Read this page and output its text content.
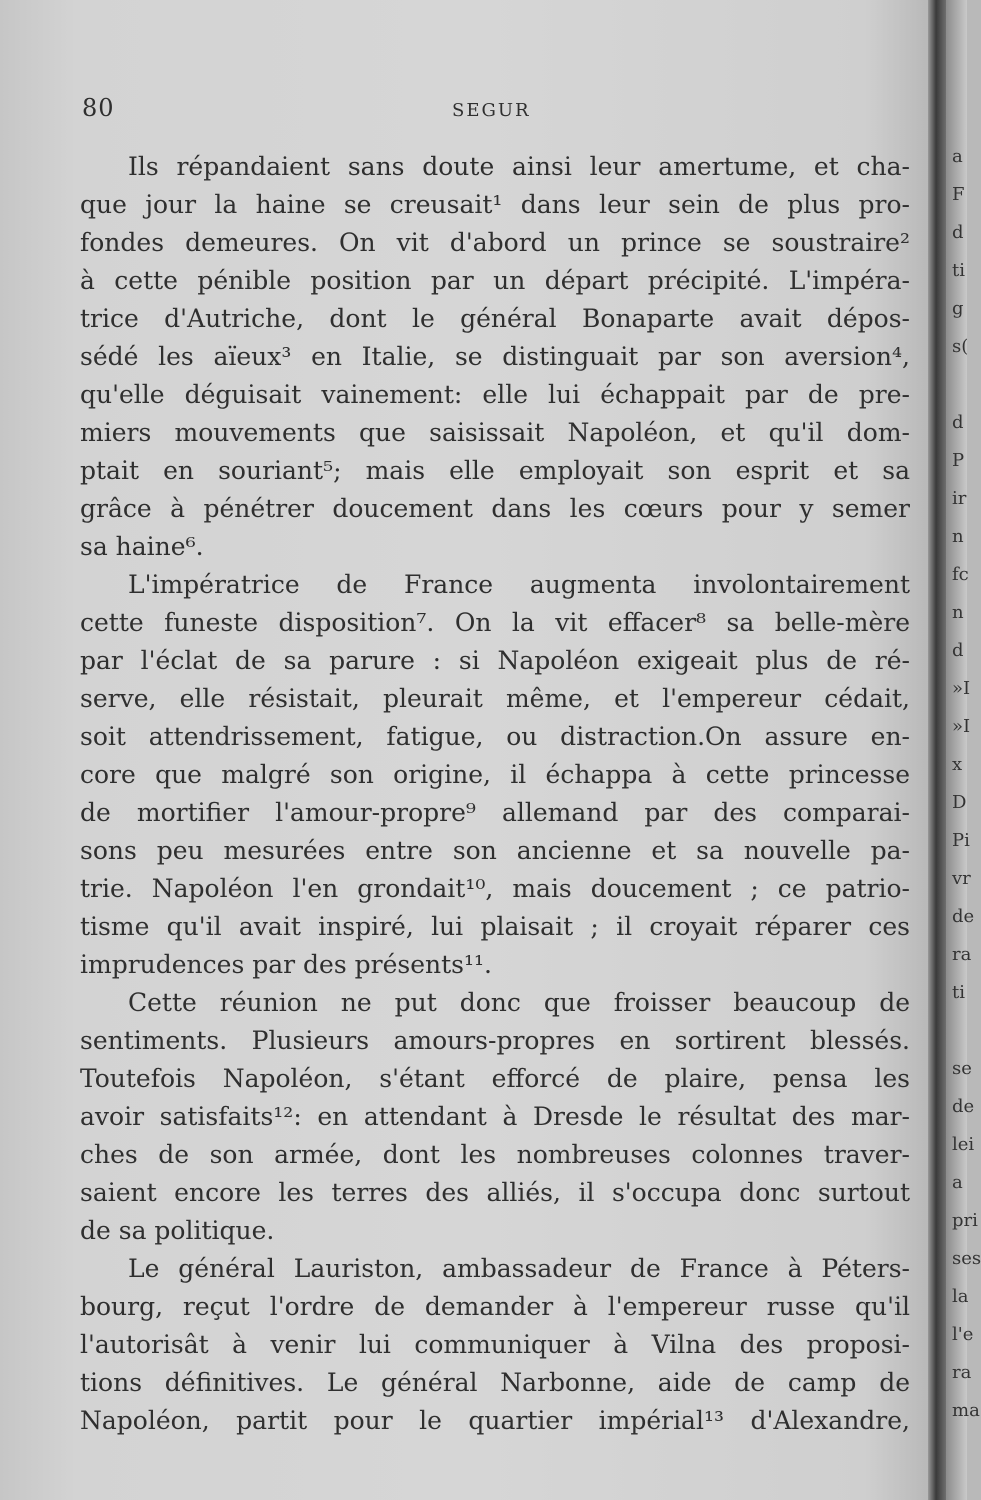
80	SEGUR
Ils répandaient sans doute ainsi leur amertume, et cha-
que jour la haine se creusait¹ dans leur sein de plus pro-
fondes demeures. On vit d'abord un prince se soustraire²
à cette pénible position par un départ précipité. L'impéra-
trice d'Autriche, dont le général Bonaparte avait dépos-
sédé les aïeux³ en Italie, se distinguait par son aversion⁴,
qu'elle déguisait vainement: elle lui échappait par de pre-
miers mouvements que saisissait Napoléon, et qu'il dom-
ptait en souriant⁵; mais elle employait son esprit et sa
grâce à pénétrer doucement dans les cœurs pour y semer
sa haine⁶.
L'impératrice de France augmenta involontairement
cette funeste disposition⁷. On la vit effacer⁸ sa belle-mère
par l'éclat de sa parure : si Napoléon exigeait plus de ré-
serve, elle résistait, pleurait même, et l'empereur cédait,
soit attendrissement, fatigue, ou distraction.On assure en-
core que malgré son origine, il échappa à cette princesse
de mortifier l'amour-propre⁹ allemand par des comparai-
sons peu mesurées entre son ancienne et sa nouvelle pa-
trie. Napoléon l'en grondait¹⁰, mais doucement ; ce patrio-
tisme qu'il avait inspiré, lui plaisait ; il croyait réparer ces
imprudences par des présents¹¹.
Cette réunion ne put donc que froisser beaucoup de
sentiments. Plusieurs amours-propres en sortirent blessés.
Toutefois Napoléon, s'étant efforcé de plaire, pensa les
avoir satisfaits¹²: en attendant à Dresde le résultat des mar-
ches de son armée, dont les nombreuses colonnes traver-
saient encore les terres des alliés, il s'occupa donc surtout
de sa politique.
Le général Lauriston, ambassadeur de France à Péters-
bourg, reçut l'ordre de demander à l'empereur russe qu'il
l'autorisât à venir lui communiquer à Vilna des proposi-
tions définitives. Le général Narbonne, aide de camp de
Napoléon, partit pour le quartier impérial¹³ d'Alexandre,
a
F
d
ti
g
s(
d
P
ir
n
fc
n
d
»I
»I
x
D
Pi
vr
de
ra
ti
se
de
lei
a
pri
ses
la
l'e
ra
ma
